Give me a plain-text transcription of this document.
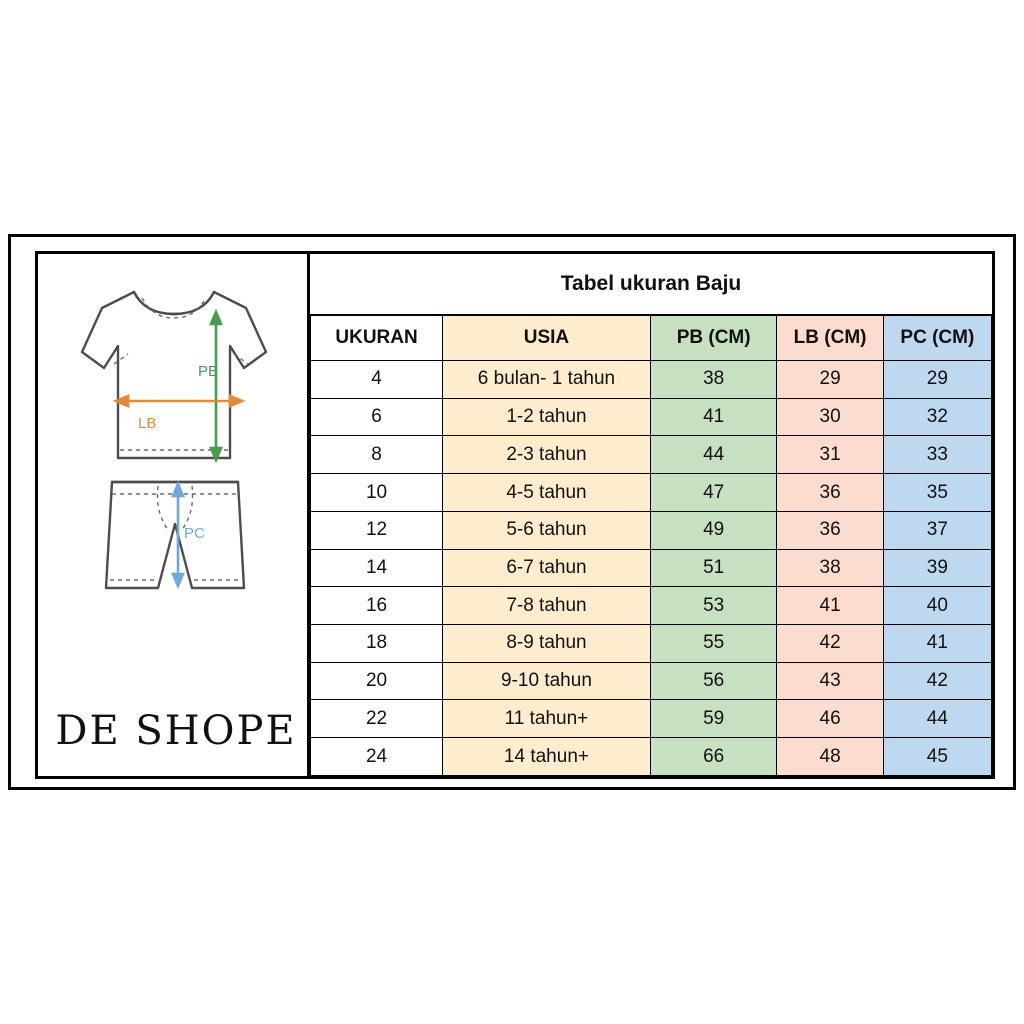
PB
LB
PC
DE SHOPE
Tabel ukuran Baju
UKURAN	USIA	PB (CM)	LB (CM)	PC (CM)
4	6 bulan- 1 tahun	38	29	29
6	1-2 tahun	41	30	32
8	2-3 tahun	44	31	33
10	4-5 tahun	47	36	35
12	5-6 tahun	49	36	37
14	6-7 tahun	51	38	39
16	7-8 tahun	53	41	40
18	8-9 tahun	55	42	41
20	9-10 tahun	56	43	42
22	11 tahun+	59	46	44
24	14 tahun+	66	48	45
